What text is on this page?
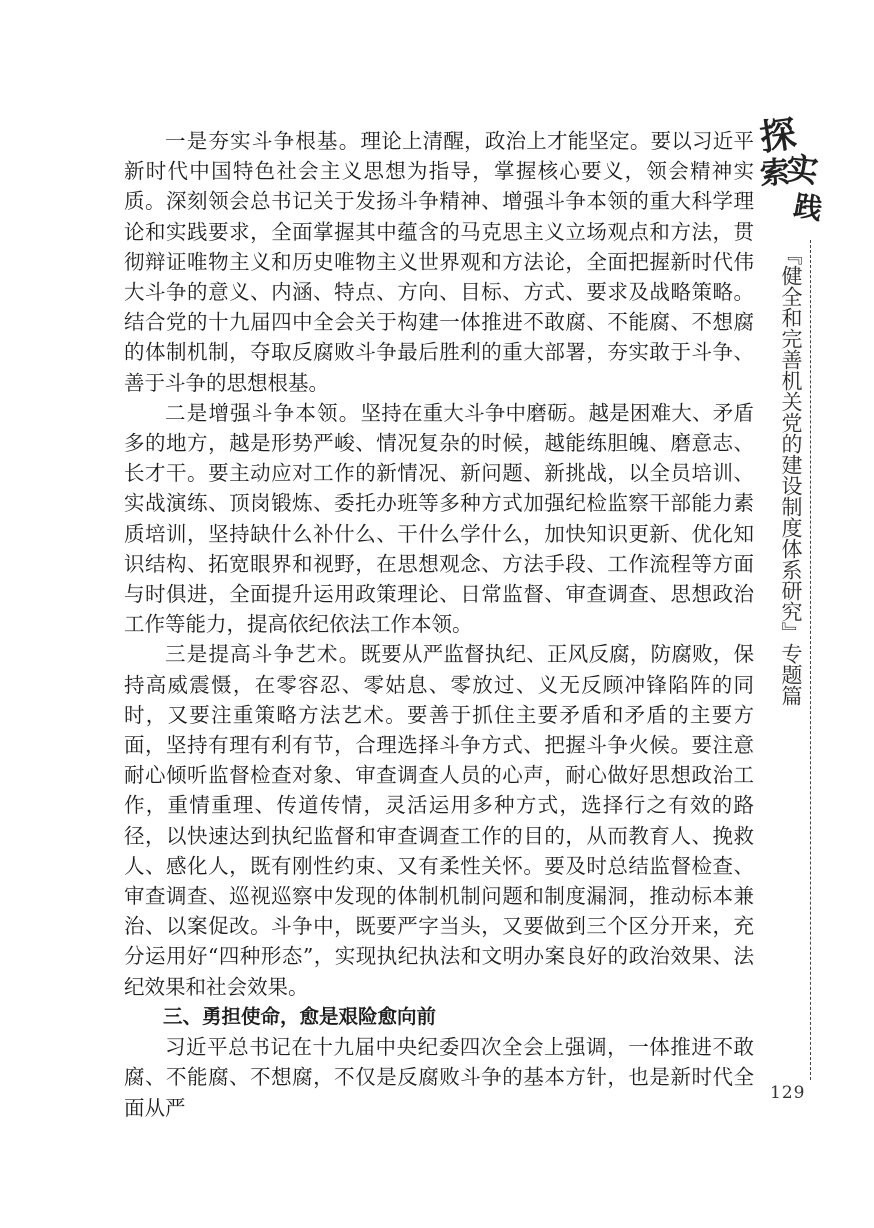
探
实
索
践
『健全和完善机关党的建设制度体系研究』专题篇

一是夯实斗争根基。理论上清醒，政治上才能坚定。要以习近平新时代中国特色社会主义思想为指导，掌握核心要义，领会精神实质。深刻领会总书记关于发扬斗争精神、增强斗争本领的重大科学理论和实践要求，全面掌握其中蕴含的马克思主义立场观点和方法，贯彻辩证唯物主义和历史唯物主义世界观和方法论，全面把握新时代伟大斗争的意义、内涵、特点、方向、目标、方式、要求及战略策略。结合党的十九届四中全会关于构建一体推进不敢腐、不能腐、不想腐的体制机制，夺取反腐败斗争最后胜利的重大部署，夯实敢于斗争、善于斗争的思想根基。

二是增强斗争本领。坚持在重大斗争中磨砺。越是困难大、矛盾多的地方，越是形势严峻、情况复杂的时候，越能练胆魄、磨意志、长才干。要主动应对工作的新情况、新问题、新挑战，以全员培训、实战演练、顶岗锻炼、委托办班等多种方式加强纪检监察干部能力素质培训，坚持缺什么补什么、干什么学什么，加快知识更新、优化知识结构、拓宽眼界和视野，在思想观念、方法手段、工作流程等方面与时俱进，全面提升运用政策理论、日常监督、审查调查、思想政治工作等能力，提高依纪依法工作本领。

三是提高斗争艺术。既要从严监督执纪、正风反腐，防腐败，保持高威震慑，在零容忍、零姑息、零放过、义无反顾冲锋陷阵的同时，又要注重策略方法艺术。要善于抓住主要矛盾和矛盾的主要方面，坚持有理有利有节，合理选择斗争方式、把握斗争火候。要注意耐心倾听监督检查对象、审查调查人员的心声，耐心做好思想政治工作，重情重理、传道传情，灵活运用多种方式，选择行之有效的路径，以快速达到执纪监督和审查调查工作的目的，从而教育人、挽救人、感化人，既有刚性约束、又有柔性关怀。要及时总结监督检查、审查调查、巡视巡察中发现的体制机制问题和制度漏洞，推动标本兼治、以案促改。斗争中，既要严字当头，又要做到三个区分开来，充分运用好“四种形态”，实现执纪执法和文明办案良好的政治效果、法纪效果和社会效果。

三、勇担使命，愈是艰险愈向前

习近平总书记在十九届中央纪委四次全会上强调，一体推进不敢腐、不能腐、不想腐，不仅是反腐败斗争的基本方针，也是新时代全面从严

129
